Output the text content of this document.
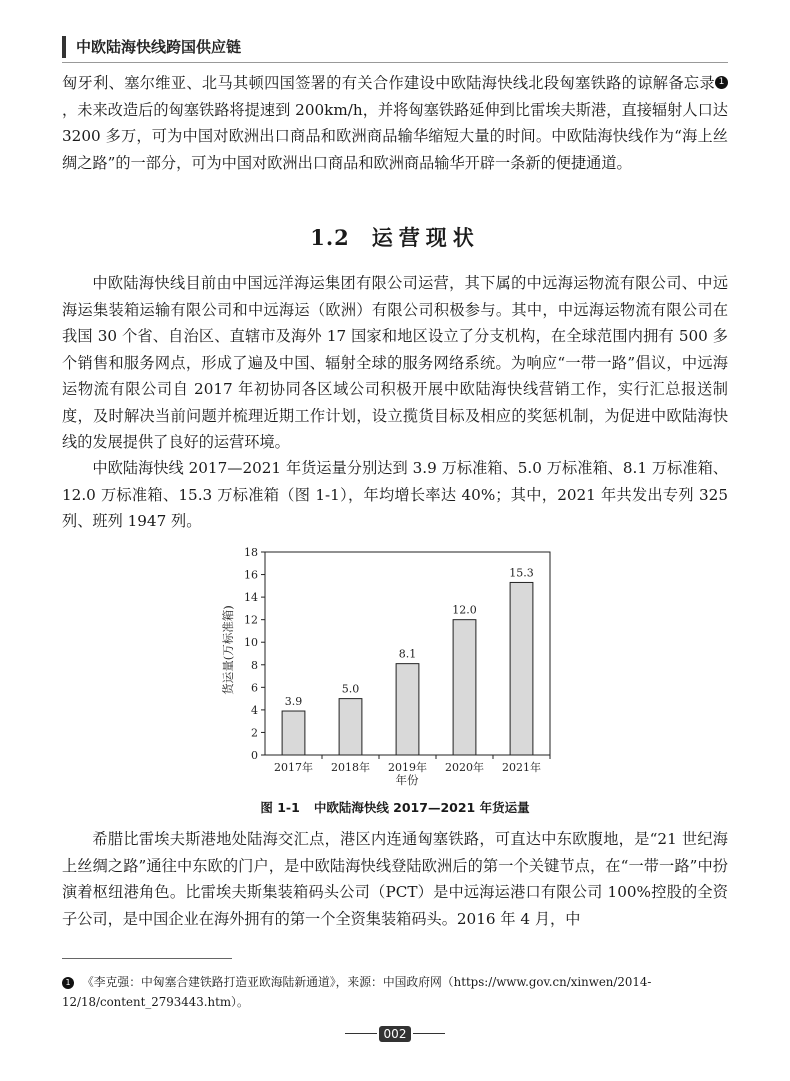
中欧陆海快线跨国供应链

匈牙利、塞尔维亚、北马其顿四国签署的有关合作建设中欧陆海快线北段匈塞铁路的谅解备忘录 1，未来改造后的匈塞铁路将提速到 200km/h，并将匈塞铁路延伸到比雷埃夫斯港，直接辐射人口达 3200 多万，可为中国对欧洲出口商品和欧洲商品输华缩短大量的时间。中欧陆海快线作为“海上丝绸之路”的一部分，可为中国对欧洲出口商品和欧洲商品输华开辟一条新的便捷通道。

1.2 运营现状

中欧陆海快线目前由中国远洋海运集团有限公司运营，其下属的中远海运物流有限公司、中远海运集装箱运输有限公司和中远海运（欧洲）有限公司积极参与。其中，中远海运物流有限公司在我国 30 个省、自治区、直辖市及海外 17 国家和地区设立了分支机构，在全球范围内拥有 500 多个销售和服务网点，形成了遍及中国、辐射全球的服务网络系统。为响应“一带一路”倡议，中远海运物流有限公司自 2017 年初协同各区域公司积极开展中欧陆海快线营销工作，实行汇总报送制度，及时解决当前问题并梳理近期工作计划，设立揽货目标及相应的奖惩机制，为促进中欧陆海快线的发展提供了良好的运营环境。

中欧陆海快线 2017—2021 年货运量分别达到 3.9 万标准箱、5.0 万标准箱、8.1 万标准箱、12.0 万标准箱、15.3 万标准箱（图 1-1），年均增长率达 40%；其中，2021 年共发出专列 325 列、班列 1947 列。

货运量(万标准箱)
0
2
4
6
8
10
12
14
16
18
3.9
5.0
8.1
12.0
15.3
2017年 2018年 2019年 2020年 2021年
年份
图 1-1 中欧陆海快线 2017—2021 年货运量

希腊比雷埃夫斯港地处陆海交汇点，港区内连通匈塞铁路，可直达中东欧腹地，是“21 世纪海上丝绸之路”通往中东欧的门户，是中欧陆海快线登陆欧洲后的第一个关键节点，在“一带一路”中扮演着枢纽港角色。比雷埃夫斯集装箱码头公司（PCT）是中远海运港口有限公司 100%控股的全资子公司，是中国企业在海外拥有的第一个全资集装箱码头。2016 年 4 月，中

1 《李克强：中匈塞合建铁路打造亚欧海陆新通道》，来源：中国政府网（https://www.gov.cn/xinwen/2014-12/18/content_2793443.htm）。

002
